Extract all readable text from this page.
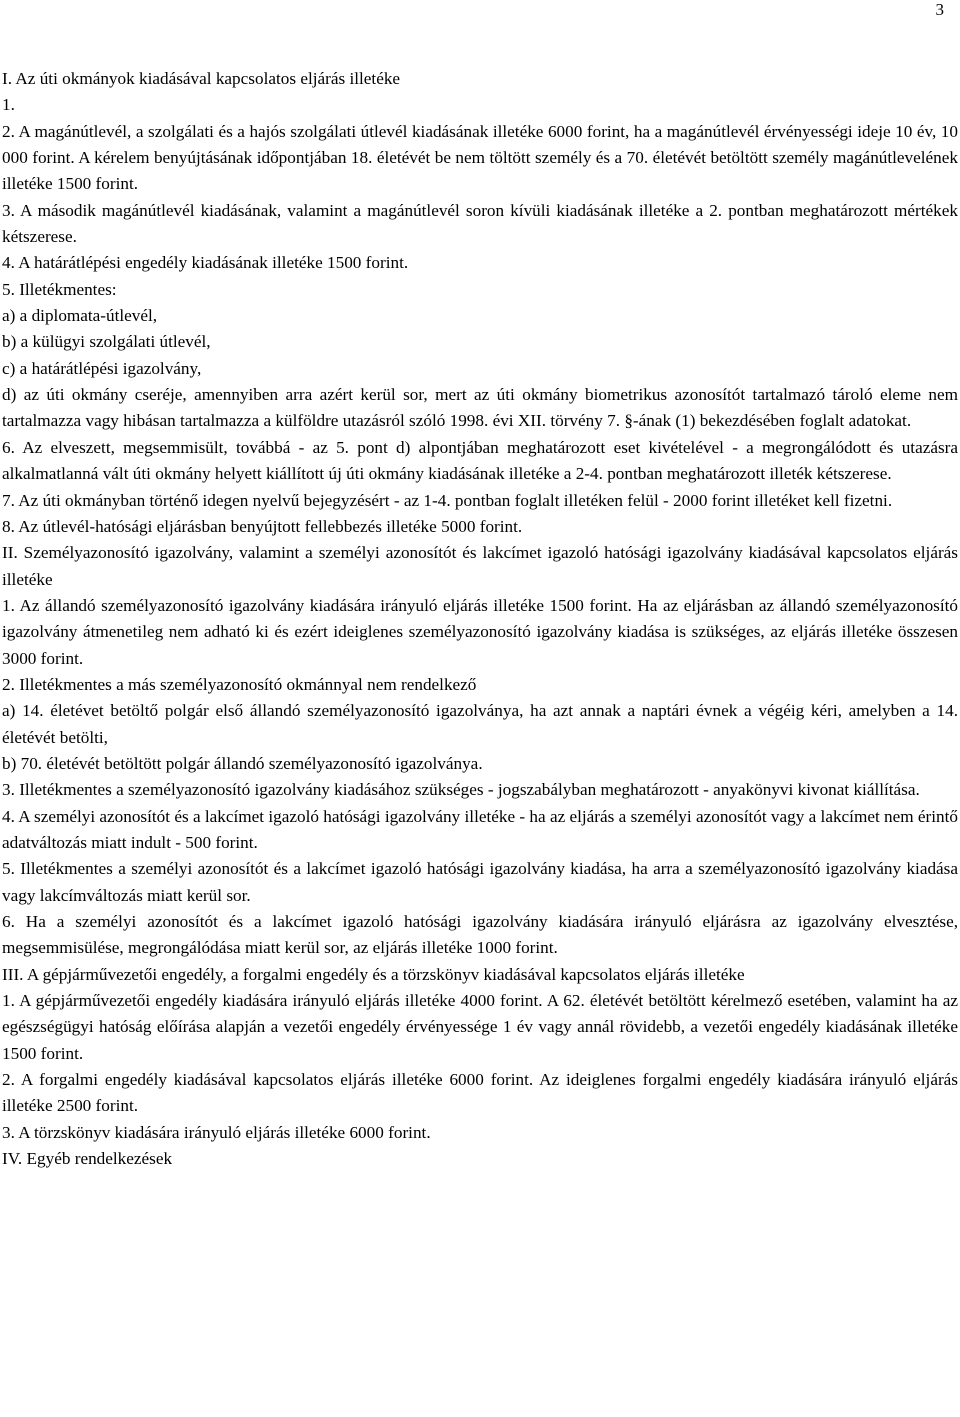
3

I. Az úti okmányok kiadásával kapcsolatos eljárás illetéke

1.

2. A magánútlevél, a szolgálati és a hajós szolgálati útlevél kiadásának illetéke 6000 forint, ha a magánútlevél érvényességi ideje 10 év, 10 000 forint. A kérelem benyújtásának időpontjában 18. életévét be nem töltött személy és a 70. életévét betöltött személy magánútlevelének illetéke 1500 forint.

3. A második magánútlevél kiadásának, valamint a magánútlevél soron kívüli kiadásának illetéke a 2. pontban meghatározott mértékek kétszerese.

4. A határátlépési engedély kiadásának illetéke 1500 forint.

5. Illetékmentes:

a) a diplomata-útlevél,

b) a külügyi szolgálati útlevél,

c) a határátlépési igazolvány,

d) az úti okmány cseréje, amennyiben arra azért kerül sor, mert az úti okmány biometrikus azonosítót tartalmazó tároló eleme nem tartalmazza vagy hibásan tartalmazza a külföldre utazásról szóló 1998. évi XII. törvény 7. §-ának (1) bekezdésében foglalt adatokat.

6. Az elveszett, megsemmisült, továbbá - az 5. pont d) alpontjában meghatározott eset kivételével - a megrongálódott és utazásra alkalmatlanná vált úti okmány helyett kiállított új úti okmány kiadásának illetéke a 2-4. pontban meghatározott illeték kétszerese.

7. Az úti okmányban történő idegen nyelvű bejegyzésért - az 1-4. pontban foglalt illetéken felül - 2000 forint illetéket kell fizetni.

8. Az útlevél-hatósági eljárásban benyújtott fellebbezés illetéke 5000 forint.

II. Személyazonosító igazolvány, valamint a személyi azonosítót és lakcímet igazoló hatósági igazolvány kiadásával kapcsolatos eljárás illetéke

1. Az állandó személyazonosító igazolvány kiadására irányuló eljárás illetéke 1500 forint. Ha az eljárásban az állandó személyazonosító igazolvány átmenetileg nem adható ki és ezért ideiglenes személyazonosító igazolvány kiadása is szükséges, az eljárás illetéke összesen 3000 forint.

2. Illetékmentes a más személyazonosító okmánnyal nem rendelkező

a) 14. életévet betöltő polgár első állandó személyazonosító igazolványa, ha azt annak a naptári évnek a végéig kéri, amelyben a 14. életévét betölti,

b) 70. életévét betöltött polgár állandó személyazonosító igazolványa.

3. Illetékmentes a személyazonosító igazolvány kiadásához szükséges - jogszabályban meghatározott - anyakönyvi kivonat kiállítása.

4. A személyi azonosítót és a lakcímet igazoló hatósági igazolvány illetéke - ha az eljárás a személyi azonosítót vagy a lakcímet nem érintő adatváltozás miatt indult - 500 forint.

5. Illetékmentes a személyi azonosítót és a lakcímet igazoló hatósági igazolvány kiadása, ha arra a személyazonosító igazolvány kiadása vagy lakcímváltozás miatt kerül sor.

6. Ha a személyi azonosítót és a lakcímet igazoló hatósági igazolvány kiadására irányuló eljárásra az igazolvány elvesztése, megsemmisülése, megrongálódása miatt kerül sor, az eljárás illetéke 1000 forint.

III. A gépjárművezetői engedély, a forgalmi engedély és a törzskönyv kiadásával kapcsolatos eljárás illetéke

1. A gépjárművezetői engedély kiadására irányuló eljárás illetéke 4000 forint. A 62. életévét betöltött kérelmező esetében, valamint ha az egészségügyi hatóság előírása alapján a vezetői engedély érvényessége 1 év vagy annál rövidebb, a vezetői engedély kiadásának illetéke 1500 forint.

2. A forgalmi engedély kiadásával kapcsolatos eljárás illetéke 6000 forint. Az ideiglenes forgalmi engedély kiadására irányuló eljárás illetéke 2500 forint.

3. A törzskönyv kiadására irányuló eljárás illetéke 6000 forint.

IV. Egyéb rendelkezések
